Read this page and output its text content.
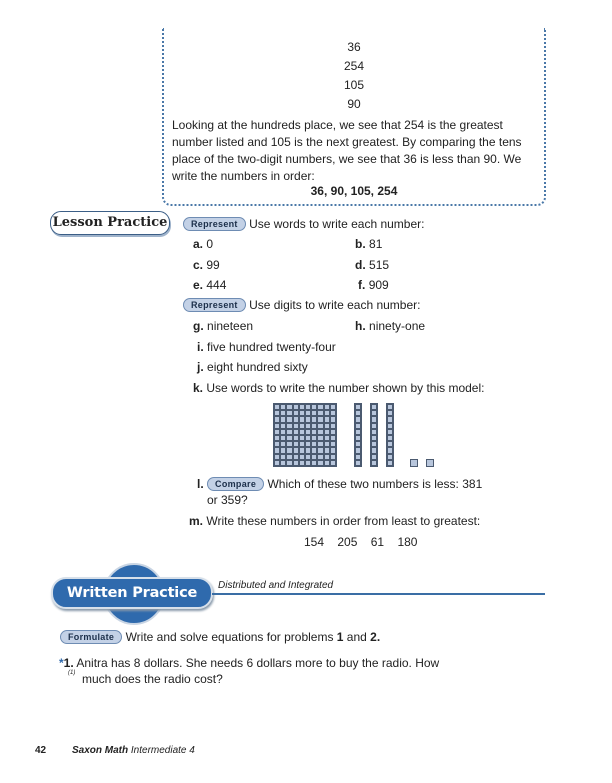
36
254
105
90
Looking at the hundreds place, we see that 254 is the greatest number listed and 105 is the next greatest. By comparing the tens place of the two-digit numbers, we see that 36 is less than 90. We write the numbers in order:
36, 90, 105, 254
Lesson Practice	Represent Use words to write each number:
a. 0	b. 81
c. 99	d. 515
e. 444	f. 909
Represent Use digits to write each number:
g. nineteen	h. ninety-one
i. five hundred twenty-four
j. eight hundred sixty
k. Use words to write the number shown by this model:
l. Compare Which of these two numbers is less: 381
or 359?
m. Write these numbers in order from least to greatest:
154 205 61 180
Written Practice	Distributed and Integrated
Formulate Write and solve equations for problems 1 and 2.
*1. Anitra has 8 dollars. She needs 6 dollars more to buy the radio. How
(1) much does the radio cost?
42	Saxon Math Intermediate 4
